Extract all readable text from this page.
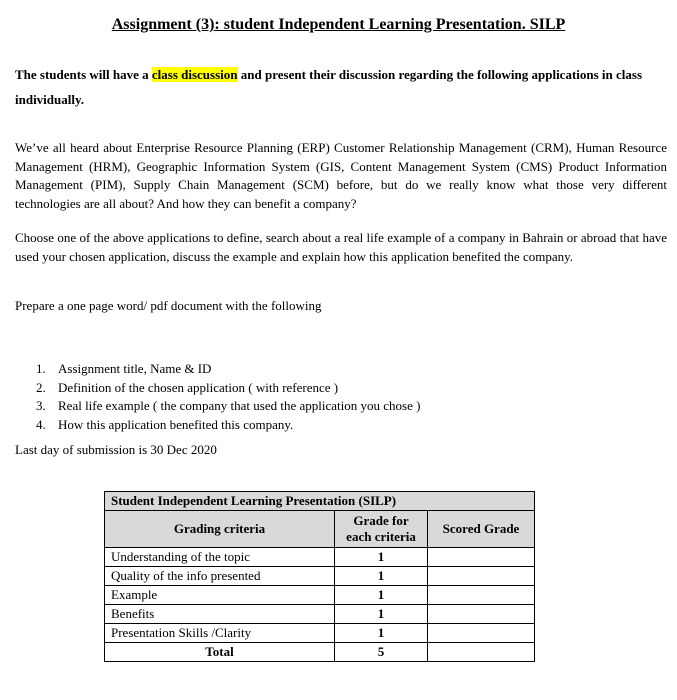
Assignment (3): student Independent Learning Presentation. SILP

The students will have a class discussion and present their discussion regarding the following applications in class individually.

We’ve all heard about Enterprise Resource Planning (ERP) Customer Relationship Management (CRM), Human Resource Management (HRM), Geographic Information System (GIS, Content Management System (CMS) Product Information Management (PIM), Supply Chain Management (SCM) before, but do we really know what those very different technologies are all about? And how they can benefit a company?

Choose one of the above applications to define, search about a real life example of a company in Bahrain or abroad that have used your chosen application, discuss the example and explain how this application benefited the company.

Prepare a one page word/ pdf document with the following

1. Assignment title, Name & ID
2. Definition of the chosen application ( with reference )
3. Real life example ( the company that used the application you chose )
4. How this application benefited this company.

Last day of submission is 30 Dec 2020

Student Independent Learning Presentation (SILP)		
Grading criteria	Grade for each criteria	Scored Grade
Understanding of the topic	1	
Quality of the info presented	1	
Example	1	
Benefits	1	
Presentation Skills /Clarity	1	
Total	5	
